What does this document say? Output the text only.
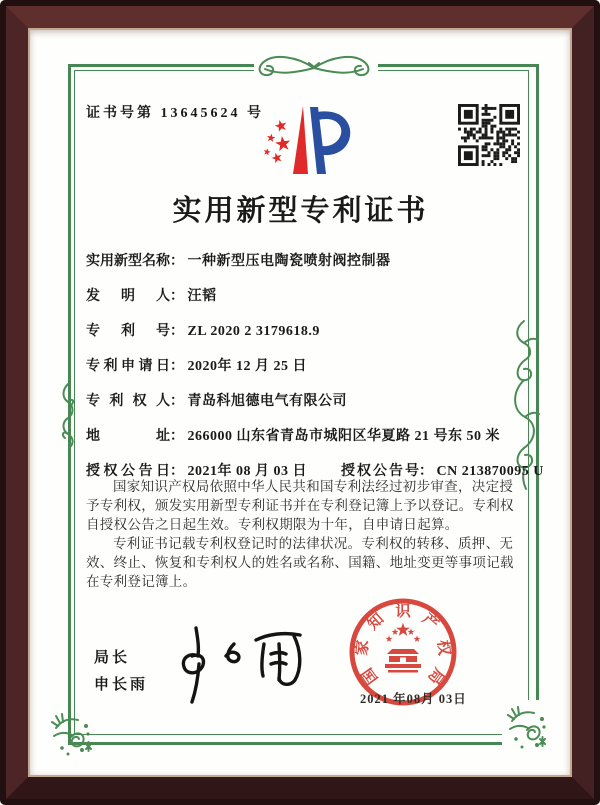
证书号第 13645624 号
实用新型专利证书
实用新型名称： 一种新型压电陶瓷喷射阀控制器
发明人： 汪韬
专利号： ZL 2020 2 3179618.9
专利申请日： 2020年 12 月 25 日
专利权人： 青岛科旭德电气有限公司
地址： 266000 山东省青岛市城阳区华夏路 21 号东 50 米
授权公告日： 2021年 08 月 03 日 授权公告号： CN 213870095 U

国家知识产权局依照中华人民共和国专利法经过初步审查，决定授予专利权，颁发实用新型专利证书并在专利登记簿上予以登记。专利权自授权公告之日起生效。专利权期限为十年，自申请日起算。

专利证书记载专利权登记时的法律状况。专利权的转移、质押、无效、终止、恢复和专利权人的姓名或名称、国籍、地址变更等事项记载在专利登记簿上。

局长
申长雨	国
家
知 识 产
权
局
2021 年08月 03日
